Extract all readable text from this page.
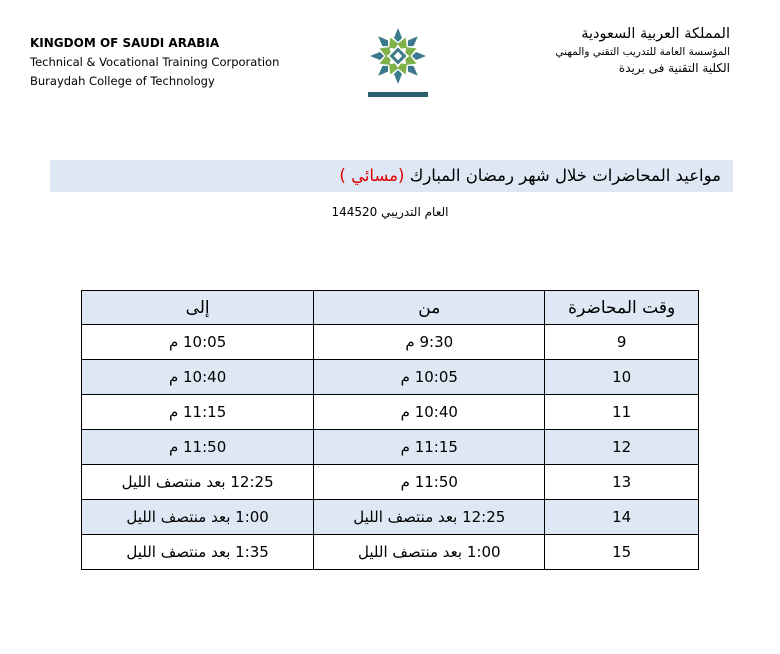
KINGDOM OF SAUDI ARABIA
Technical & Vocational Training Corporation
Buraydah College of Technology
المملكة العربية السعودية
المؤسسة العامة للتدريب التقني والمهني
الكلية التقنية فى بريدة
مواعيد المحاضرات خلال شهر رمضان المبارك (مسائي )
العام التدريبي 144520
وقت المحاضرة	من	إلى
9	9:30 م	10:05 م
10	10:05 م	10:40 م
11	10:40 م	11:15 م
12	11:15 م	11:50 م
13	11:50 م	12:25 بعد منتصف الليل
14	12:25 بعد منتصف الليل	1:00 بعد منتصف الليل
15	1:00 بعد منتصف الليل	1:35 بعد منتصف الليل
